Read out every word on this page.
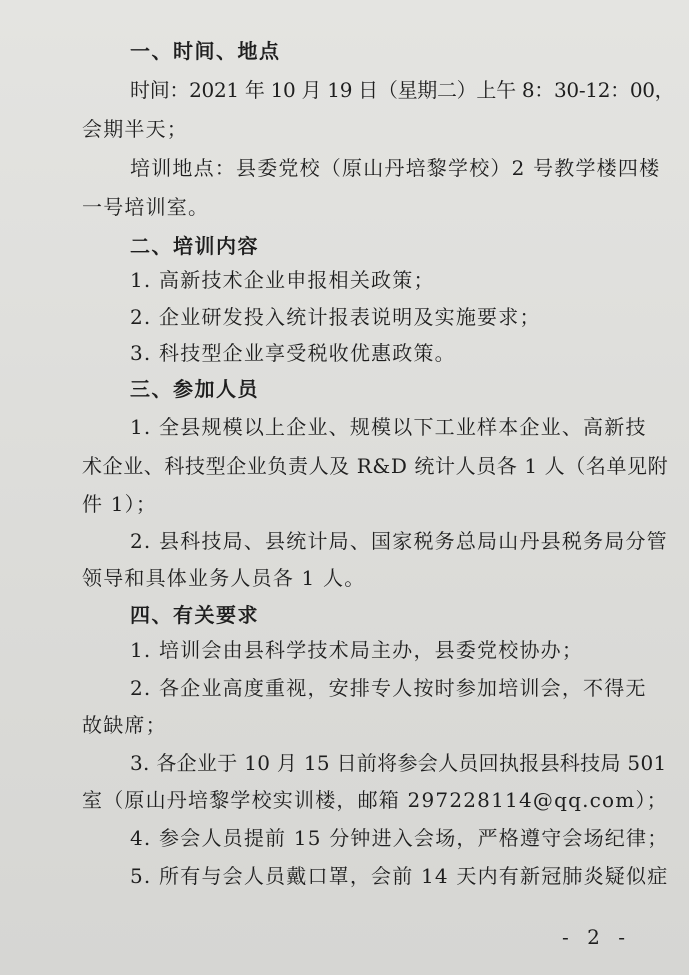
一、时间、地点
时间：2021 年 10 月 19 日（星期二）上午 8：30-12：00，
会期半天；
培训地点：县委党校（原山丹培黎学校）2 号教学楼四楼
一号培训室。
二、培训内容
1. 高新技术企业申报相关政策；
2. 企业研发投入统计报表说明及实施要求；
3. 科技型企业享受税收优惠政策。
三、参加人员
1. 全县规模以上企业、规模以下工业样本企业、高新技
术企业、科技型企业负责人及 R&D 统计人员各 1 人（名单见附
件 1）；
2. 县科技局、县统计局、国家税务总局山丹县税务局分管
领导和具体业务人员各 1 人。
四、有关要求
1. 培训会由县科学技术局主办，县委党校协办；
2. 各企业高度重视，安排专人按时参加培训会，不得无
故缺席；
3. 各企业于 10 月 15 日前将参会人员回执报县科技局 501
室（原山丹培黎学校实训楼，邮箱 297228114@qq.com）；
4. 参会人员提前 15 分钟进入会场，严格遵守会场纪律；
5. 所有与会人员戴口罩，会前 14 天内有新冠肺炎疑似症
- 2 -
